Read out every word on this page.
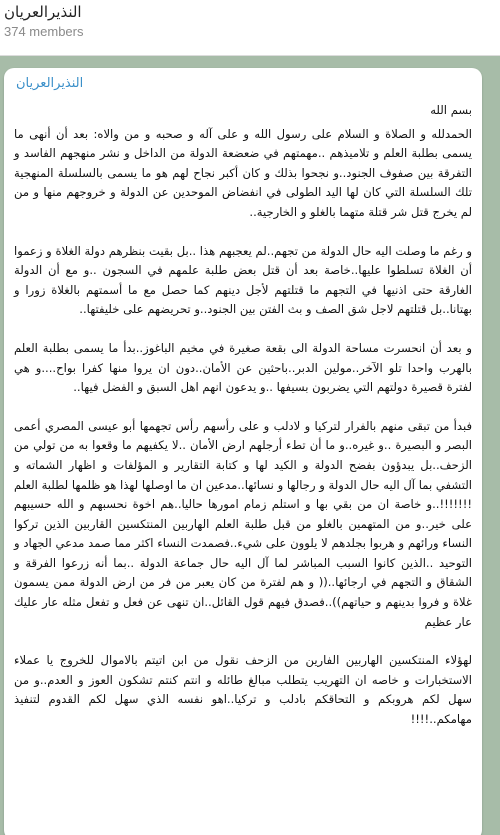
النذيرالعريان
374 members
النذيرالعريان

بسم الله

الحمدلله و الصلاة و السلام على رسول الله و على آله و صحبه و من والاه: بعد أن أنهى ما يسمى بطلبة العلم و تلاميذهم ..مهمتهم في ضعضعة الدولة من الداخل و نشر منهجهم الفاسد و التفرقة بين صفوف الجنود..و نجحوا بذلك و كان أكبر نجاح لهم هو ما يسمى بالسلسلة المنهجية تلك السلسلة التي كان لها اليد الطولى في انفضاض الموحدين عن الدولة و خروجهم منها و من لم يخرج قتل شر قتلة متهما بالغلو و الخارجية..

و رغم ما وصلت اليه حال الدولة من تجهم..لم يعجبهم هذا ..بل بقيت بنظرهم دولة الغلاة و زعموا أن الغلاة تسلطوا عليها..خاصة بعد أن قتل بعض طلبة علمهم في السجون ..و مع أن الدولة الغارقة حتى اذنيها في التجهم ما قتلتهم لأجل دينهم كما حصل مع ما أسمتهم بالغلاة زورا و بهتانا..بل قتلتهم لاجل شق الصف و بث الفتن بين الجنود..و تحريضهم على خليفتها..

و بعد أن انحسرت مساحة الدولة الى بقعة صغيرة في مخيم الباغوز..بدأ ما يسمى بطلبة العلم بالهرب واحدا تلو الآخر..مولين الدبر..باحثين عن الأمان..دون ان يروا منها كفرا بواح....و هي لفترة قصيرة دولتهم التي يضربون بسيفها ..و يدعون انهم اهل السبق و الفضل فيها..

فبدأ من تبقى منهم بالفرار لتركيا و لادلب و على رأسهم رأس تجهمها أبو عيسى المصري أعمى البصر و البصيرة ..و غيره..و ما أن تطء أرجلهم ارض الأمان ..لا يكفيهم ما وقعوا به من تولي من الزحف..بل يبدؤون بفضح الدولة و الكيد لها و كتابة التقارير و المؤلفات و اظهار الشماته و التشفي بما آل اليه حال الدولة و رجالها و نسائها..مدعين ان ما اوصلها لهذا هو ظلمها لطلبة العلم !!!!!!!..و خاصة ان من بقي بها و استلم زمام امورها حاليا..هم اخوة نحسبهم و الله حسيبهم على خير..و من المتهمين بالغلو من قبل طلبة العلم الهاربين المنتكسين القاربين الذين تركوا النساء ورائهم و هربوا بجلدهم لا يلوون على شيء..فصمدت النساء اكثر مما صمد مدعي الجهاد و التوحيد ..الذين كانوا السبب المباشر لما آل اليه حال جماعة الدولة ..بما أنه زرعوا الفرقة و الشقاق و التجهم في ارجائها..(( و هم لفترة من كان يعبر من فر من ارض الدولة ممن يسمون غلاة و فروا بدينهم و حياتهم))..فصدق فيهم قول القائل..ان تنهى عن فعل و تفعل مثله عار عليك عار عظيم

لهؤلاء المنتكسين الهاربين الفارين من الزحف نقول من ابن اتيتم بالاموال للخروج يا عملاء الاستخبارات و خاصه ان التهريب يتطلب مبالغ طائله و انتم كنتم تشكون العوز و العدم..و من سهل لكم هروبكم و التحاقكم بادلب و تركيا..اهو نفسه الذي سهل لكم القدوم لتنفيذ مهامكم..!!!!
